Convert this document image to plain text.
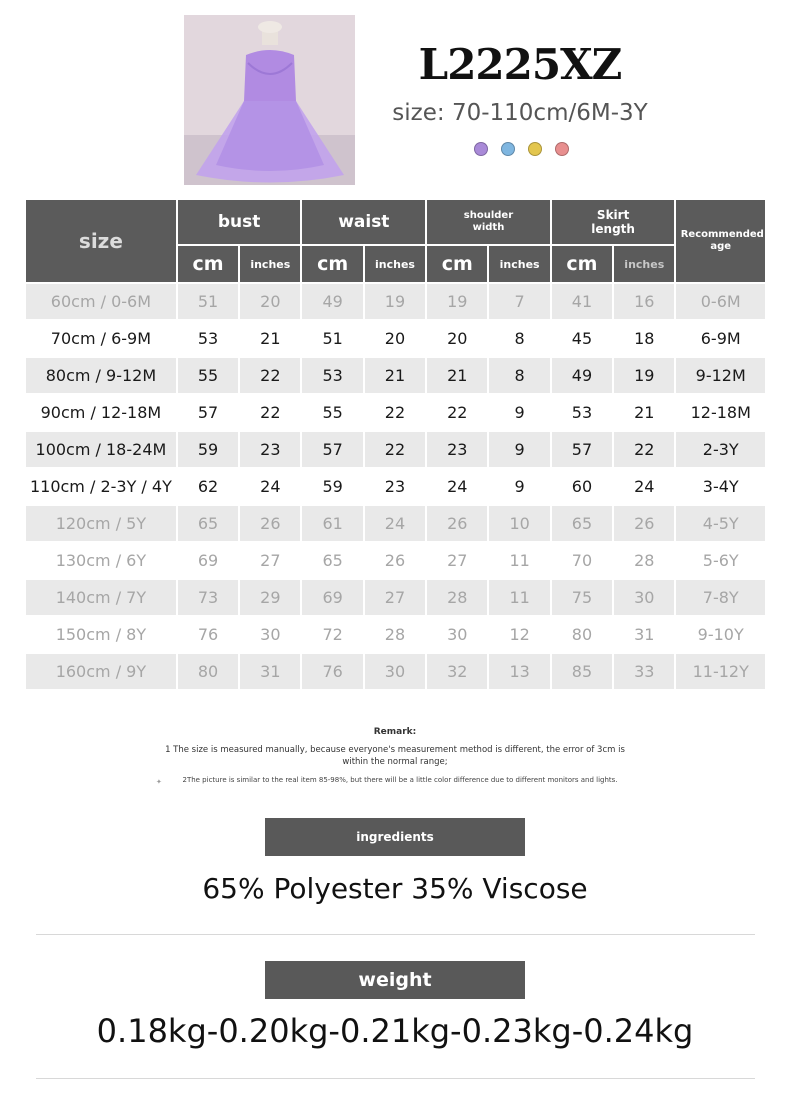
L2225XZ
size: 70-110cm/6M-3Y
size	bust		waist		shoulder width		Skirt length		Recommended age

	cm	inches	cm	inches	cm	inches	cm	inches	
60cm / 0-6M	51	20	49	19	19	7	41	16	0-6M
70cm / 6-9M	53	21	51	20	20	8	45	18	6-9M
80cm / 9-12M	55	22	53	21	21	8	49	19	9-12M
90cm / 12-18M	57	22	55	22	22	9	53	21	12-18M
100cm / 18-24M	59	23	57	22	23	9	57	22	2-3Y
110cm / 2-3Y / 4Y	62	24	59	23	24	9	60	24	3-4Y
120cm / 5Y	65	26	61	24	26	10	65	26	4-5Y
130cm / 6Y	69	27	65	26	27	11	70	28	5-6Y
140cm / 7Y	73	29	69	27	28	11	75	30	7-8Y
150cm / 8Y	76	30	72	28	30	12	80	31	9-10Y
160cm / 9Y	80	31	76	30	32	13	85	33	11-12Y
Remark:
1 The size is measured manually, because everyone's measurement method is different, the error of 3cm is within the normal range;
✦	2The picture is similar to the real item 85-98%, but there will be a little color difference due to different monitors and lights.
ingredients
65% Polyester 35% Viscose
weight
0.18kg-0.20kg-0.21kg-0.23kg-0.24kg
